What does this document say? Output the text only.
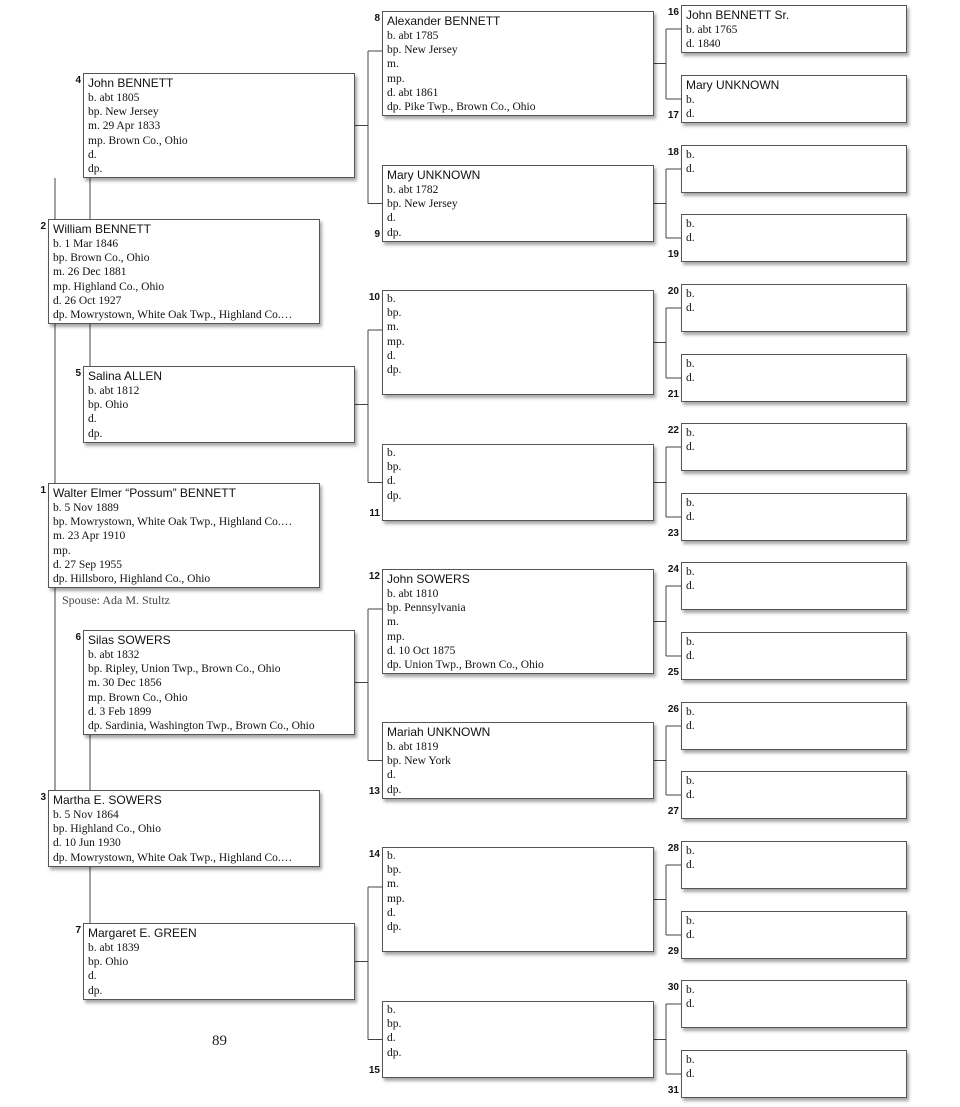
Walter Elmer “Possum” BENNETT
b. 5 Nov 1889
bp. Mowrystown, White Oak Twp., Highland Co.…
m. 23 Apr 1910
mp.
d. 27 Sep 1955
dp. Hillsboro, Highland Co., Ohio
1
William BENNETT
b. 1 Mar 1846
bp. Brown Co., Ohio
m. 26 Dec 1881
mp. Highland Co., Ohio
d. 26 Oct 1927
dp. Mowrystown, White Oak Twp., Highland Co.…
2
Martha E. SOWERS
b. 5 Nov 1864
bp. Highland Co., Ohio
d. 10 Jun 1930
dp. Mowrystown, White Oak Twp., Highland Co.…
3
John BENNETT
b. abt 1805
bp. New Jersey
m. 29 Apr 1833
mp. Brown Co., Ohio
d.
dp.
4
Salina ALLEN
b. abt 1812
bp. Ohio
d.
dp.
5
Silas SOWERS
b. abt 1832
bp. Ripley, Union Twp., Brown Co., Ohio
m. 30 Dec 1856
mp. Brown Co., Ohio
d. 3 Feb 1899
dp. Sardinia, Washington Twp., Brown Co., Ohio
6
Margaret E. GREEN
b. abt 1839
bp. Ohio
d.
dp.
7
Alexander BENNETT
b. abt 1785
bp. New Jersey
m.
mp.
d. abt 1861
dp. Pike Twp., Brown Co., Ohio
8
Mary UNKNOWN
b. abt 1782
bp. New Jersey
d.
dp.
9
b.
bp.
m.
mp.
d.
dp.
10
b.
bp.
d.
dp.
11
John SOWERS
b. abt 1810
bp. Pennsylvania
m.
mp.
d. 10 Oct 1875
dp. Union Twp., Brown Co., Ohio
12
Mariah UNKNOWN
b. abt 1819
bp. New York
d.
dp.
13
b.
bp.
m.
mp.
d.
dp.
14
b.
bp.
d.
dp.
15
John BENNETT Sr.
b. abt 1765
d. 1840
16
Mary UNKNOWN
b.
d.
17
b.
d.
18
b.
d.
19
b.
d.
20
b.
d.
21
b.
d.
22
b.
d.
23
b.
d.
24
b.
d.
25
b.
d.
26
b.
d.
27
b.
d.
28
b.
d.
29
b.
d.
30
b.
d.
31
Spouse: Ada M. Stultz
89
